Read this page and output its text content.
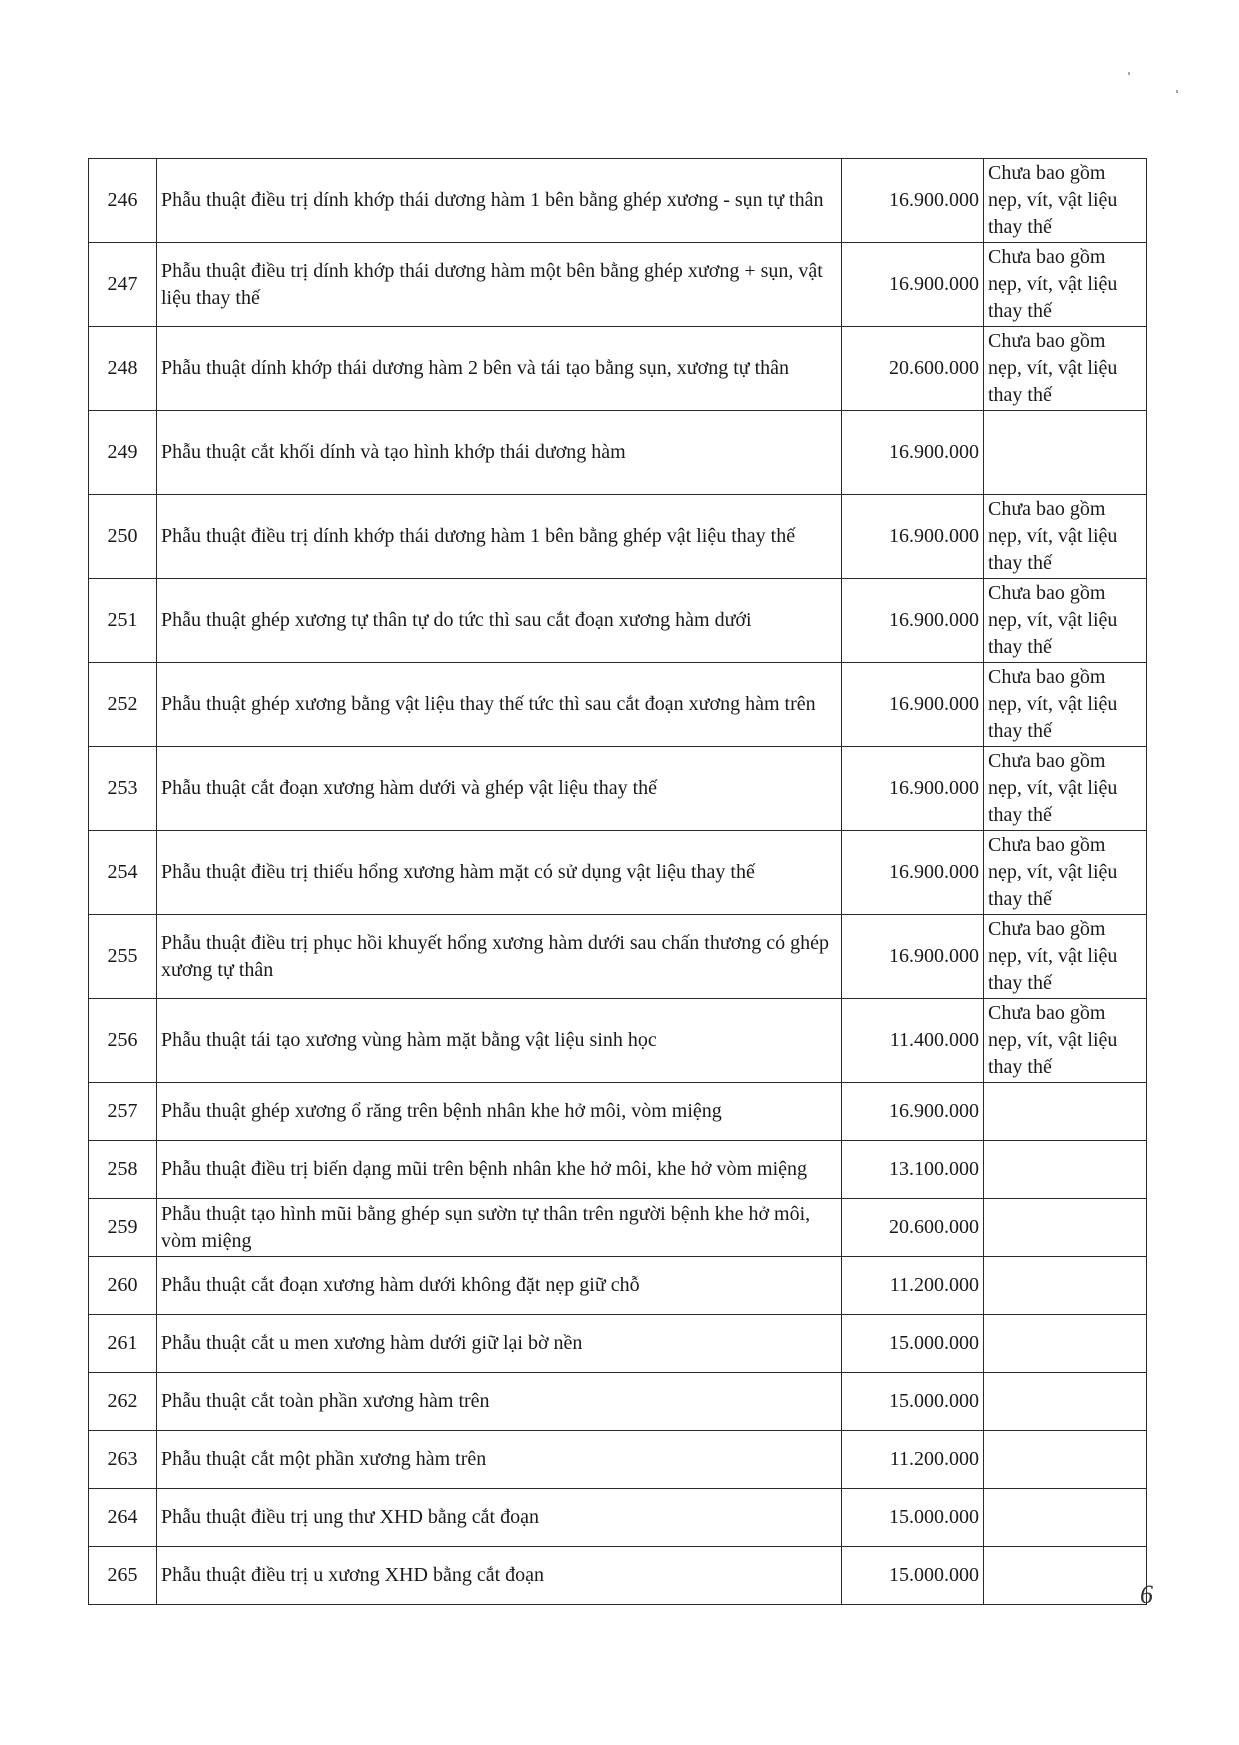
246	Phẫu thuật điều trị dính khớp thái dương hàm 1 bên bằng ghép xương - sụn tự thân	16.900.000	Chưa bao gồm nẹp, vít, vật liệu thay thế
247	Phẫu thuật điều trị dính khớp thái dương hàm một bên bằng ghép xương + sụn, vật liệu thay thế	16.900.000	Chưa bao gồm nẹp, vít, vật liệu thay thế
248	Phẫu thuật dính khớp thái dương hàm 2 bên và tái tạo bằng sụn, xương tự thân	20.600.000	Chưa bao gồm nẹp, vít, vật liệu thay thế
249	Phẫu thuật cắt khối dính và tạo hình khớp thái dương hàm	16.900.000	
250	Phẫu thuật điều trị dính khớp thái dương hàm 1 bên bằng ghép vật liệu thay thế	16.900.000	Chưa bao gồm nẹp, vít, vật liệu thay thế
251	Phẫu thuật ghép xương tự thân tự do tức thì sau cắt đoạn xương hàm dưới	16.900.000	Chưa bao gồm nẹp, vít, vật liệu thay thế
252	Phẫu thuật ghép xương bằng vật liệu thay thế tức thì sau cắt đoạn xương hàm trên	16.900.000	Chưa bao gồm nẹp, vít, vật liệu thay thế
253	Phẫu thuật cắt đoạn xương hàm dưới và ghép vật liệu thay thế	16.900.000	Chưa bao gồm nẹp, vít, vật liệu thay thế
254	Phẫu thuật điều trị thiếu hổng xương hàm mặt có sử dụng vật liệu thay thế	16.900.000	Chưa bao gồm nẹp, vít, vật liệu thay thế
255	Phẫu thuật điều trị phục hồi khuyết hổng xương hàm dưới sau chấn thương có ghép xương tự thân	16.900.000	Chưa bao gồm nẹp, vít, vật liệu thay thế
256	Phẫu thuật tái tạo xương vùng hàm mặt bằng vật liệu sinh học	11.400.000	Chưa bao gồm nẹp, vít, vật liệu thay thế
257	Phẫu thuật ghép xương ổ răng trên bệnh nhân khe hở môi, vòm miệng	16.900.000	
258	Phẫu thuật điều trị biến dạng mũi trên bệnh nhân khe hở môi, khe hở vòm miệng	13.100.000	
259	Phẫu thuật tạo hình mũi bằng ghép sụn sườn tự thân trên người bệnh khe hở môi, vòm miệng	20.600.000	
260	Phẫu thuật cắt đoạn xương hàm dưới không đặt nẹp giữ chỗ	11.200.000	
261	Phẫu thuật cắt u men xương hàm dưới giữ lại bờ nền	15.000.000	
262	Phẫu thuật cắt toàn phần xương hàm trên	15.000.000	
263	Phẫu thuật cắt một phần xương hàm trên	11.200.000	
264	Phẫu thuật điều trị ung thư XHD bằng cắt đoạn	15.000.000	
265	Phẫu thuật điều trị u xương XHD bằng cắt đoạn	15.000.000	
6
